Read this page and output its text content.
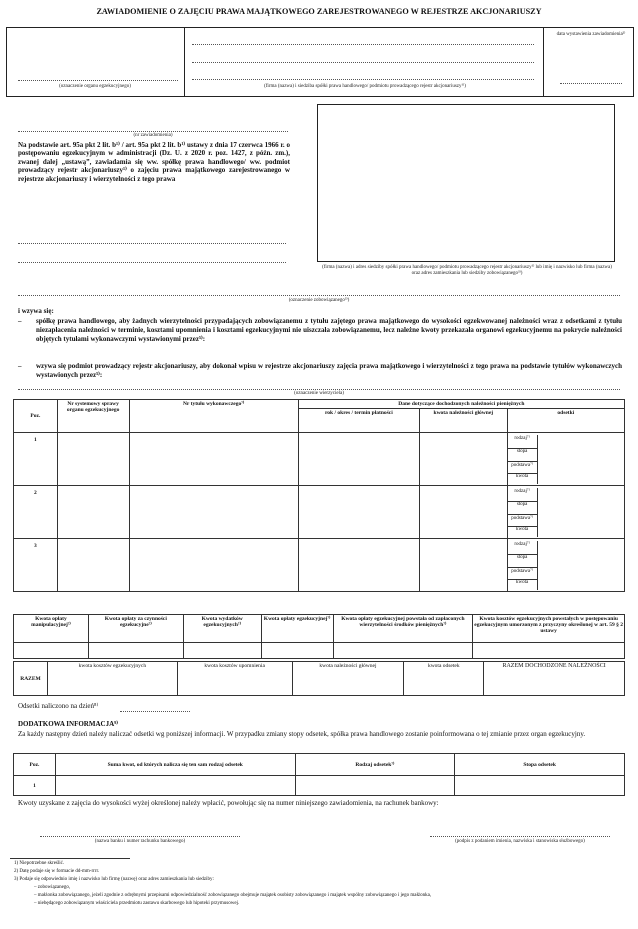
ZAWIADOMIENIE O ZAJĘCIU PRAWA MAJĄTKOWEGO ZAREJESTROWANEGO W REJESTRZE AKCJONARIUSZY
(oznaczenie organu egzekucyjnego)	(firma (nazwa) i siedziba spółki prawa handlowego/ podmiotu prowadzącego rejestr akcjonariuszy¹⁾)
data wystawienia zawiadomienia²⁾
(nr zawiadomienia)
Na podstawie art. 95a pkt 2 lit. b¹⁾ / art. 95a pkt 2 lit. b¹⁾ ustawy z dnia 17 czerwca 1966 r. o postępowaniu egzekucyjnym w administracji (Dz. U. z 2020 r. poz. 1427, z późn. zm.), zwanej dalej „ustawą”, zawiadamia się ww. spółkę prawa handlowego/ ww. podmiot prowadzący rejestr akcjonariuszy¹⁾ o zajęciu prawa majątkowego zarejestrowanego w rejestrze akcjonariuszy i wierzytelności z tego prawa
(firma (nazwa) i adres siedziby spółki prawa handlowego/ podmiotu prowadzącego rejestr akcjonariuszy¹⁾ lub imię i nazwisko lub firma (nazwa) oraz adres zamieszkania lub siedziby zobowiązanego³⁾)
(oznaczenie zobowiązanego³⁾)
i wzywa się:
– spółkę prawa handlowego, aby żadnych wierzytelności przypadających zobowiązanemu z tytułu zajętego prawa majątkowego do wysokości egzekwowanej należności wraz z odsetkami z tytułu niezapłacenia należności w terminie, kosztami upomnienia i kosztami egzekucyjnymi nie uiszczała zobowiązanemu, lecz należne kwoty przekazała organowi egzekucyjnemu na pokrycie należności objętych tytułami wykonawczymi wystawionymi przez⁵⁾:
– wzywa się podmiot prowadzący rejestr akcjonariuszy, aby dokonał wpisu w rejestrze akcjonariuszy zajęcia prawa majątkowego i wierzytelności z tego prawa na podstawie tytułów wykonawczych wystawionych przez⁵⁾:
(oznaczenie wierzyciela)
Poz.	Nr systemowy sprawy organu egzekucyjnego	Nr tytułu wykonawczego⁷⁾	Dane dotyczące dochodzonych należności pieniężnych		
			rok / okres / termin płatności	kwota należności głównej	odsetki
1					rodzaj⁷⁾
stopa
podstawa⁷⁾
kwota

2					rodzaj⁷⁾
stopa
podstawa⁷⁾
kwota

3					rodzaj⁷⁾
stopa
podstawa⁷⁾
kwota
Kwota opłaty manipulacyjnej⁷⁾	Kwota opłaty za czynności egzekucyjne⁷⁾	Kwota wydatków egzekucyjnych⁷⁾	Kwota opłaty egzekucyjnej⁷⁾	Kwota opłaty egzekucyjnej powstała od zapłaconych wierzytelności środków pieniężnych⁷⁾	Kwota kosztów egzekucyjnych powstałych w postępowaniu egzekucyjnym umorzonym z przyczyny określonej w art. 59 § 2 ustawy

RAZEM	kwota kosztów egzekucyjnych	kwota kosztów upomnienia	kwota należności głównej	kwota odsetek	RAZEM DOCHODZONE NALEŻNOŚCI
Odsetki naliczono na dzień⁸⁾
DODATKOWA INFORMACJA⁹⁾
Za każdy następny dzień należy naliczać odsetki wg poniższej informacji. W przypadku zmiany stopy odsetek, spółka prawa handlowego zostanie poinformowana o tej zmianie przez organ egzekucyjny.
Poz.	Suma kwot, od których nalicza się ten sam rodzaj odsetek	Rodzaj odsetek⁷⁾	Stopa odsetek
1			
Kwoty uzyskane z zajęcia do wysokości wyżej określonej należy wpłacić, powołując się na numer niniejszego zawiadomienia, na rachunek bankowy:
(nazwa banku i numer rachunku bankowego)	(podpis z podaniem imienia, nazwiska i stanowiska służbowego)
1) Niepotrzebne skreślić.
2) Datę podaje się w formacie dd-mm-rrrr.
3) Podaje się odpowiednio imię i nazwisko lub firmę (nazwę) oraz adres zamieszkania lub siedziby:
– zobowiązanego,
– małżonka zobowiązanego, jeżeli zgodnie z odrębnymi przepisami odpowiedzialność zobowiązanego obejmuje majątek osobisty zobowiązanego i majątek wspólny zobowiązanego i jego małżonka,
– niebędącego zobowiązanym właściciela przedmiotu zastawu skarbowego lub hipoteki przymusowej.
